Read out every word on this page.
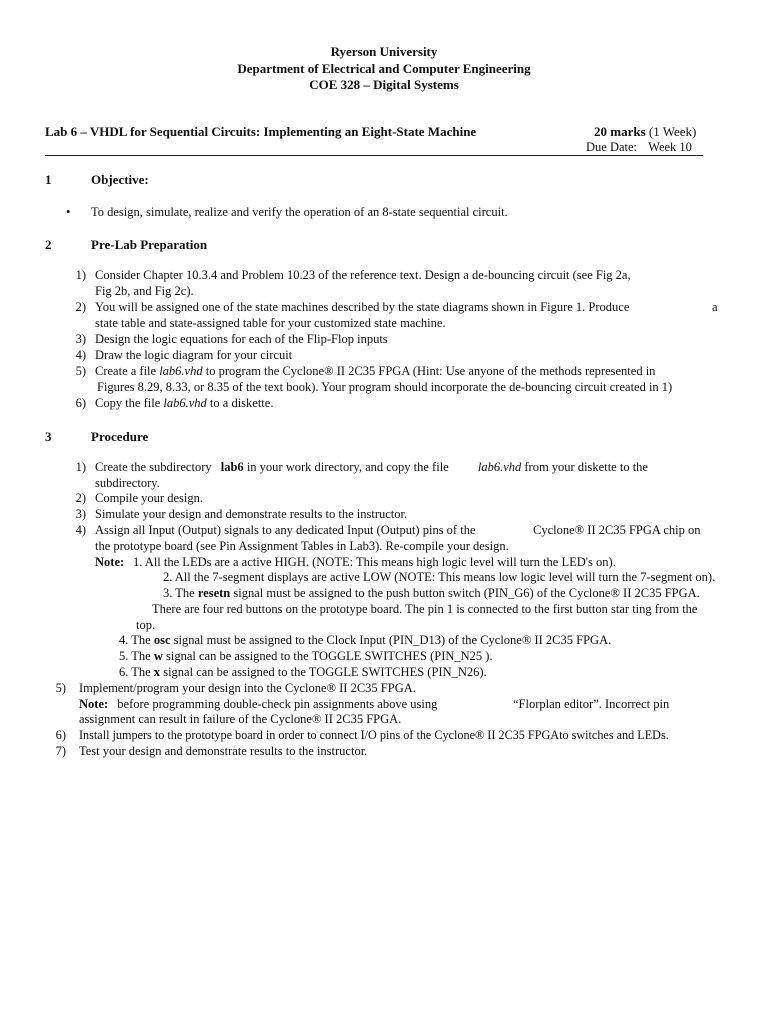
Ryerson University
Department of Electrical and Computer Engineering
COE 328 – Digital Systems
Lab 6 – VHDL for Sequential Circuits: Implementing an Eight-State Machine	20 marks (1 Week)
Due Date: Week 10
1	Objective:
• To design, simulate, realize and verify the operation of an 8-state sequential circuit.
2	Pre-Lab Preparation
1) Consider Chapter 10.3.4 and Problem 10.23 of the reference text. Design a de-bouncing circuit (see Fig 2a,
Fig 2b, and Fig 2c).
2) You will be assigned one of the state machines described by the state diagrams shown in Figure 1. Produce	a
state table and state-assigned table for your customized state machine.
3) Design the logic equations for each of the Flip-Flop inputs
4) Draw the logic diagram for your circuit
5) Create a file lab6.vhd to program the Cyclone® II 2C35 FPGA (Hint: Use anyone of the methods represented in
Figures 8.29, 8.33, or 8.35 of the text book). Your program should incorporate the de-bouncing circuit created in 1)
6) Copy the file lab6.vhd to a diskette.
3	Procedure
1) Create the subdirectory lab6 in your work directory, and copy the file lab6.vhd from your diskette to the
subdirectory.
2) Compile your design.
3) Simulate your design and demonstrate results to the instructor.
4) Assign all Input (Output) signals to any dedicated Input (Output) pins of the	Cyclone® II 2C35 FPGA chip on
the prototype board (see Pin Assignment Tables in Lab3). Re-compile your design.
Note: 1. All the LEDs are a active HIGH. (NOTE: This means high logic level will turn the LED's on).
2. All the 7-segment displays are active LOW (NOTE: This means low logic level will turn the 7-segment on).
3. The resetn signal must be assigned to the push button switch (PIN_G6) of the Cyclone® II 2C35 FPGA.
There are four red buttons on the prototype board. The pin 1 is connected to the first button star ting from the
top.
4. The osc signal must be assigned to the Clock Input (PIN_D13) of the Cyclone® II 2C35 FPGA.
5. The w signal can be assigned to the TOGGLE SWITCHES (PIN_N25 ).
6. The x signal can be assigned to the TOGGLE SWITCHES (PIN_N26).
5) Implement/program your design into the Cyclone® II 2C35 FPGA.
Note: before programming double-check pin assignments above using	“Florplan editor”. Incorrect pin
assignment can result in failure of the Cyclone® II 2C35 FPGA.
6) Install jumpers to the prototype board in order to connect I/O pins of the Cyclone® II 2C35 FPGAto switches and LEDs.
7) Test your design and demonstrate results to the instructor.
